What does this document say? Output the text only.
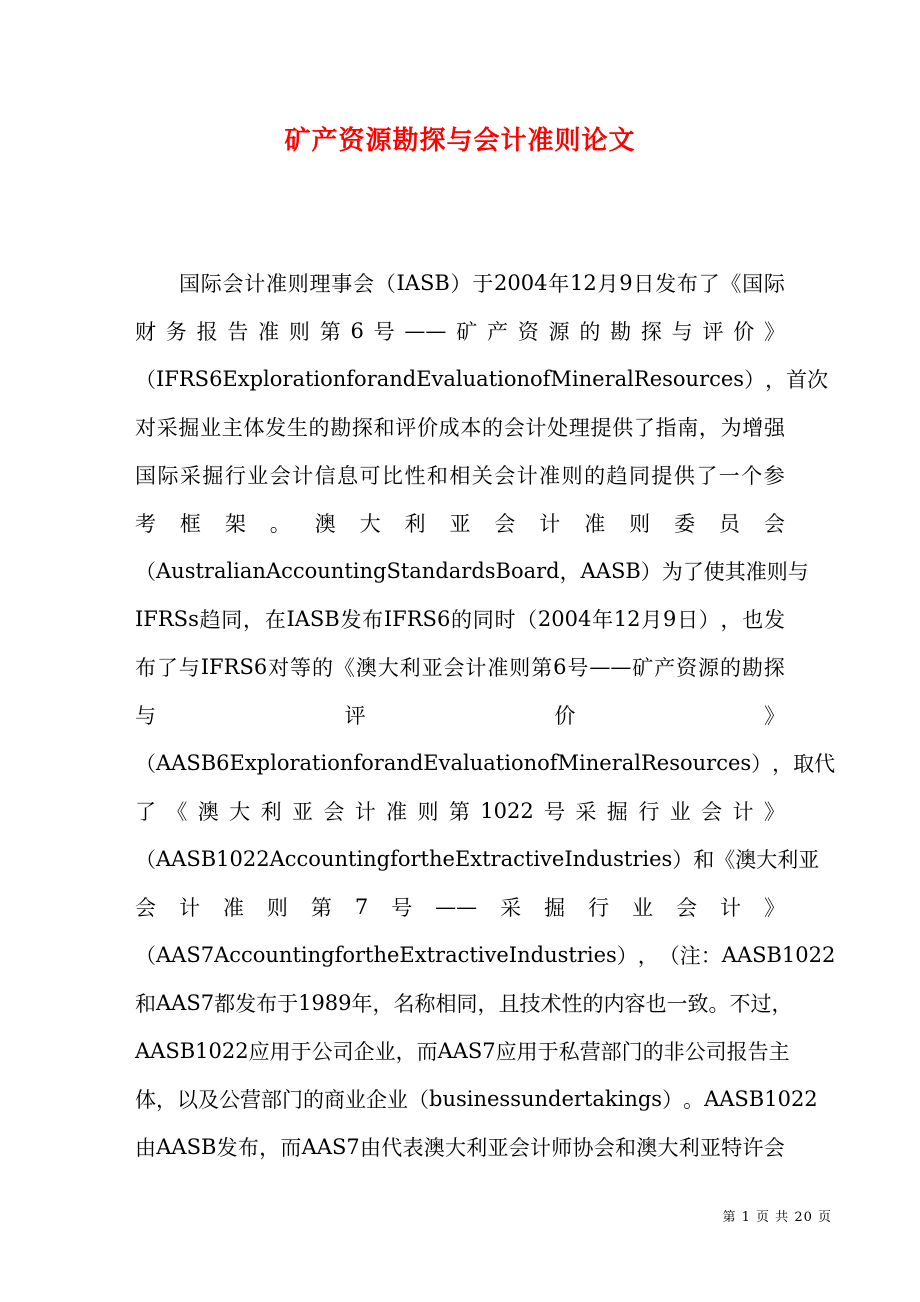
矿产资源勘探与会计准则论文
国 际 会 计 准 则 理 事 会 （ IASB ） 于 2004 年 12 月 9 日 发 布 了 《 国 际
财 务 报 告 准 则 第 6 号 —— 矿 产 资 源 的 勘 探 与 评 价 》
（ IFRS6ExplorationforandEvaluationofMineralResources ） ， 首 次
对 采 掘 业 主 体 发 生 的 勘 探 和 评 价 成 本 的 会 计 处 理 提 供 了 指 南 ， 为 增 强
国 际 采 掘 行 业 会 计 信 息 可 比 性 和 相 关 会 计 准 则 的 趋 同 提 供 了 一 个 参
考 框 架 。 澳 大 利 亚 会 计 准 则 委 员 会
（ AustralianAccountingStandardsBoard ， AASB ） 为 了 使 其 准 则 与
IFRSs 趋 同 ， 在 IASB 发 布 IFRS6 的 同 时 （ 2004 年 12 月 9 日 ） ， 也 发
布 了 与 IFRS6 对 等 的 《 澳 大 利 亚 会 计 准 则 第 6 号 —— 矿 产 资 源 的 勘 探
与	评	价	》
（ AASB6ExplorationforandEvaluationofMineralResources ） ， 取 代
了 《 澳 大 利 亚 会 计 准 则 第 1022 号 采 掘 行 业 会 计 》
（ AASB1022AccountingfortheExtractiveIndustries ） 和 《 澳 大 利 亚
会 计 准 则 第 7 号 —— 采 掘 行 业 会 计 》
（ AAS7AccountingfortheExtractiveIndustries ） ， （ 注 ： AASB1022
和 AAS7 都 发 布 于 1989 年 ， 名 称 相 同 ， 且 技 术 性 的 内 容 也 一 致 。 不 过 ，
AASB1022 应 用 于 公 司 企 业 ， 而 AAS7 应 用 于 私 营 部 门 的 非 公 司 报 告 主
体 ， 以 及 公 营 部 门 的 商 业 企 业 （ businessundertakings ） 。 AASB1022
由 AASB 发 布 ， 而 AAS7 由 代 表 澳 大 利 亚 会 计 师 协 会 和 澳 大 利 亚 特 许 会
第 1 页 共 20 页
